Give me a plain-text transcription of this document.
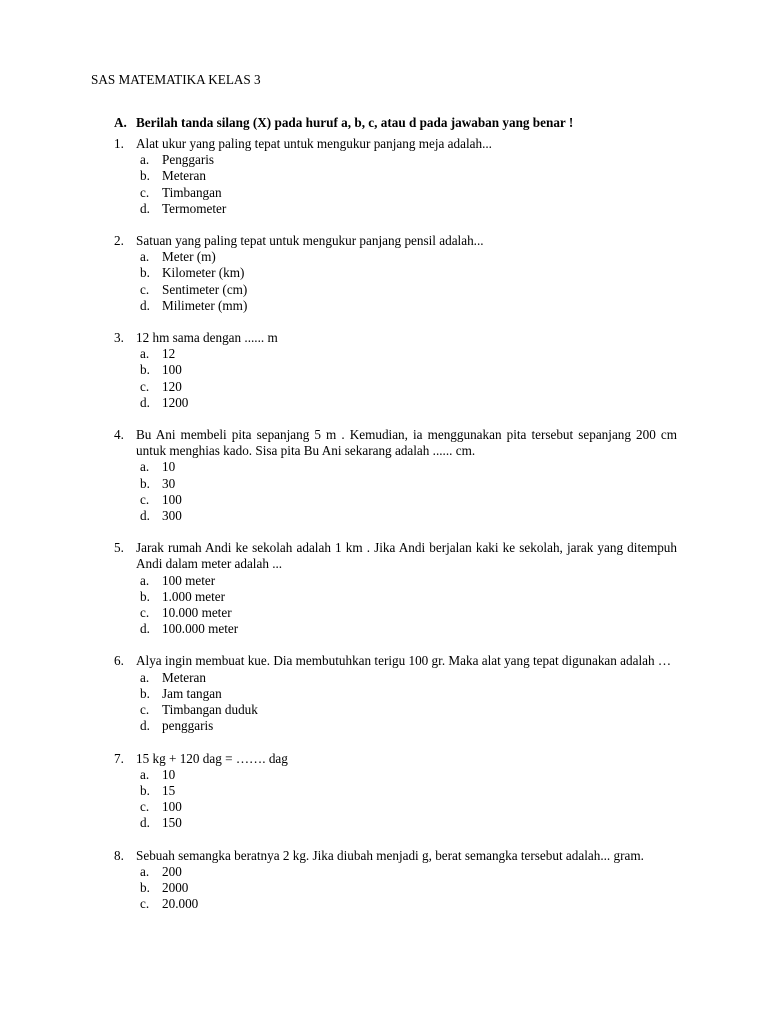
SAS MATEMATIKA KELAS 3
A. Berilah tanda silang (X) pada huruf a, b, c, atau d pada jawaban yang benar !
1. Alat ukur yang paling tepat untuk mengukur panjang meja adalah...
a. Penggaris
b. Meteran
c. Timbangan
d. Termometer
2. Satuan yang paling tepat untuk mengukur panjang pensil adalah...
a. Meter (m)
b. Kilometer (km)
c. Sentimeter (cm)
d. Milimeter (mm)
3. 12 hm sama dengan ...... m
a. 12
b. 100
c. 120
d. 1200
4. Bu Ani membeli pita sepanjang 5 m . Kemudian, ia menggunakan pita tersebut sepanjang 200 cm untuk menghias kado. Sisa pita Bu Ani sekarang adalah ...... cm.
a. 10
b. 30
c. 100
d. 300
5. Jarak rumah Andi ke sekolah adalah 1 km . Jika Andi berjalan kaki ke sekolah, jarak yang ditempuh Andi dalam meter adalah ...
a. 100 meter
b. 1.000 meter
c. 10.000 meter
d. 100.000 meter
6. Alya ingin membuat kue. Dia membutuhkan terigu 100 gr. Maka alat yang tepat digunakan adalah …
a. Meteran
b. Jam tangan
c. Timbangan duduk
d. penggaris
7. 15 kg + 120 dag = ……. dag
a. 10
b. 15
c. 100
d. 150
8. Sebuah semangka beratnya 2 kg. Jika diubah menjadi g, berat semangka tersebut adalah... gram.
a. 200
b. 2000
c. 20.000
